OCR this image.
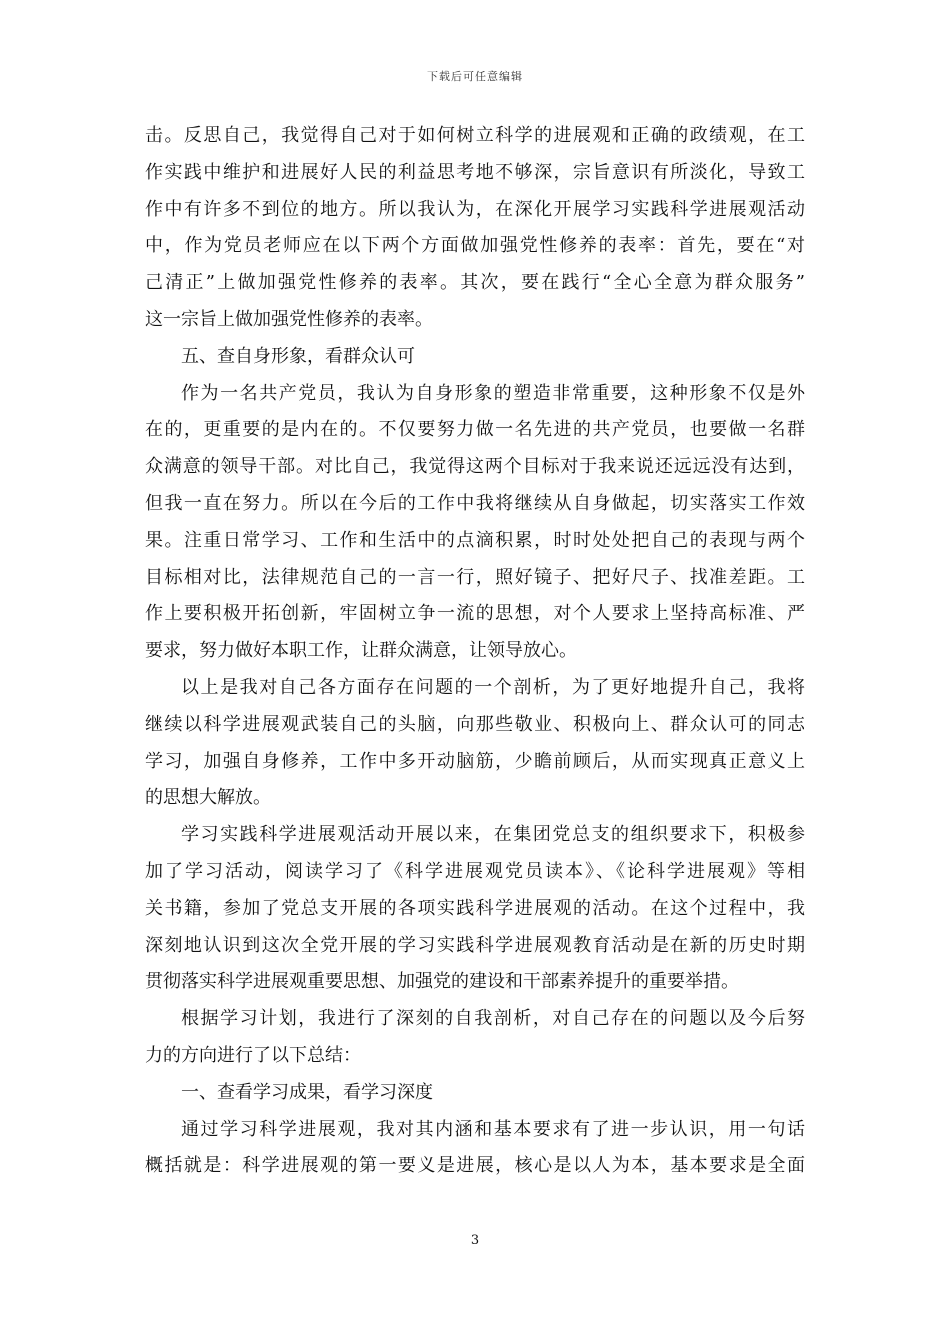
下载后可任意编辑
击。反思自己，我觉得自己对于如何树立科学的进展观和正确的政绩观，在工
作实践中维护和进展好人民的利益思考地不够深，宗旨意识有所淡化，导致工
作中有许多不到位的地方。所以我认为，在深化开展学习实践科学进展观活动
中，作为党员老师应在以下两个方面做加强党性修养的表率：首先，要在“对
己清正”上做加强党性修养的表率。其次，要在践行“全心全意为群众服务”
这一宗旨上做加强党性修养的表率。
五、查自身形象，看群众认可
作为一名共产党员，我认为自身形象的塑造非常重要，这种形象不仅是外
在的，更重要的是内在的。不仅要努力做一名先进的共产党员，也要做一名群
众满意的领导干部。对比自己，我觉得这两个目标对于我来说还远远没有达到，
但我一直在努力。所以在今后的工作中我将继续从自身做起，切实落实工作效
果。注重日常学习、工作和生活中的点滴积累，时时处处把自己的表现与两个
目标相对比，法律规范自己的一言一行，照好镜子、把好尺子、找准差距。工
作上要积极开拓创新，牢固树立争一流的思想，对个人要求上坚持高标准、严
要求，努力做好本职工作，让群众满意，让领导放心。
以上是我对自己各方面存在问题的一个剖析，为了更好地提升自己，我将
继续以科学进展观武装自己的头脑，向那些敬业、积极向上、群众认可的同志
学习，加强自身修养，工作中多开动脑筋，少瞻前顾后，从而实现真正意义上
的思想大解放。
学习实践科学进展观活动开展以来，在集团党总支的组织要求下，积极参
加了学习活动，阅读学习了《科学进展观党员读本》、《论科学进展观》等相
关书籍，参加了党总支开展的各项实践科学进展观的活动。在这个过程中，我
深刻地认识到这次全党开展的学习实践科学进展观教育活动是在新的历史时期
贯彻落实科学进展观重要思想、加强党的建设和干部素养提升的重要举措。
根据学习计划，我进行了深刻的自我剖析，对自己存在的问题以及今后努
力的方向进行了以下总结：
一、查看学习成果，看学习深度
通过学习科学进展观，我对其内涵和基本要求有了进一步认识，用一句话
概括就是：科学进展观的第一要义是进展，核心是以人为本，基本要求是全面
3
